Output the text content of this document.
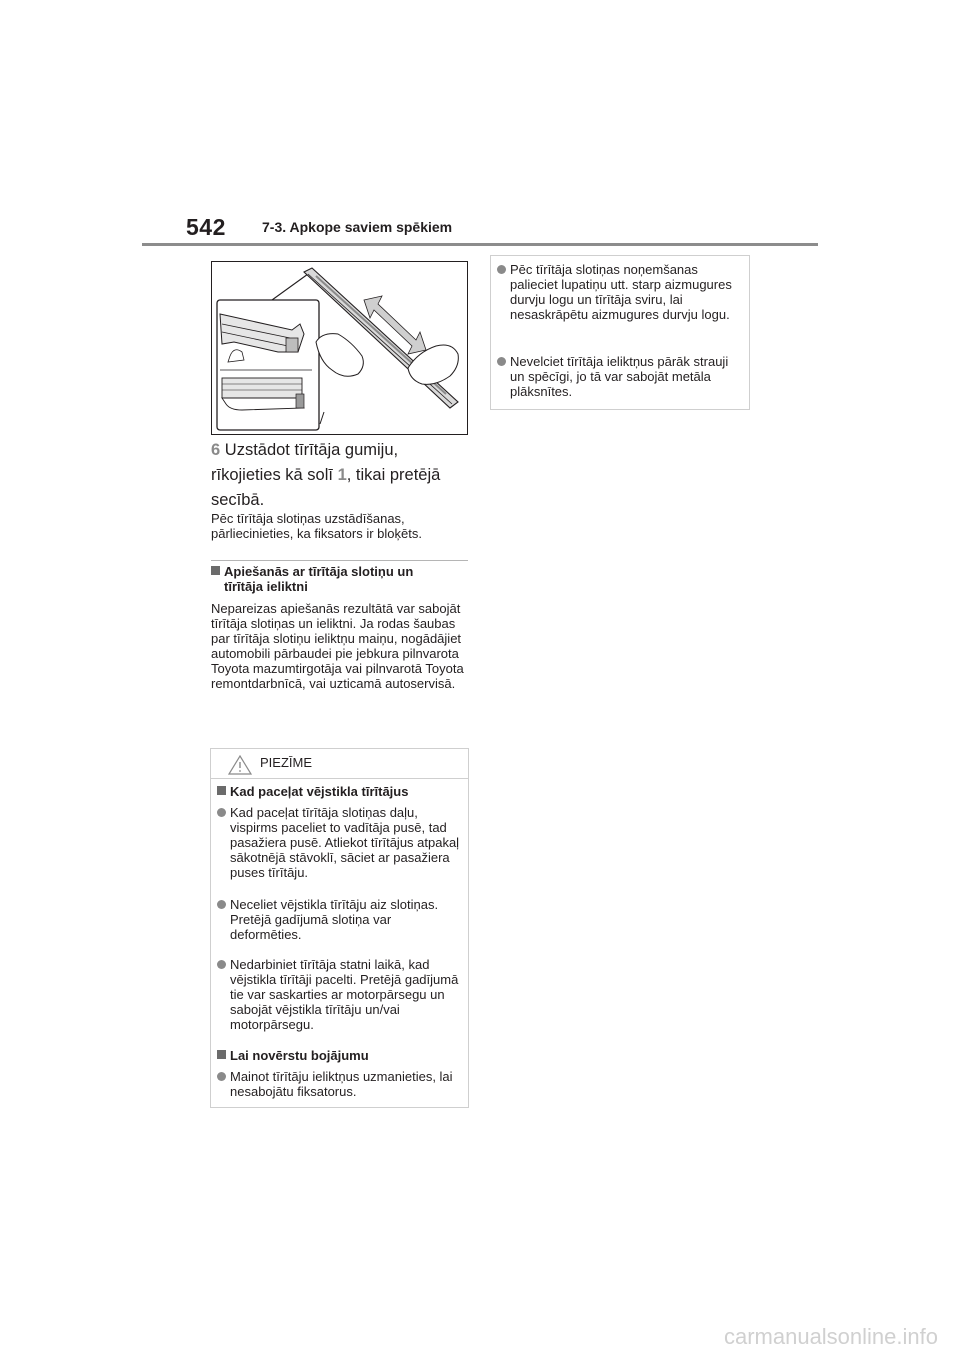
542	7-3. Apkope saviem spēkiem
6 Uzstādot tīrītāja gumiju,
rīkojieties kā solī 1, tikai pretējā
secībā.
Pēc tīrītāja slotiņas uzstādīšanas, pārliecinieties, ka fiksators ir bloķēts.
Apiešanās ar tīrītāja slotiņu un
tīrītāja ieliktni
Nepareizas apiešanās rezultātā var sabojāt tīrītāja slotiņas un ieliktni. Ja rodas šaubas par tīrītāja slotiņu ieliktņu maiņu, nogādājiet automobili pārbaudei pie jebkura pilnvarota Toyota mazumtirgotāja vai pilnvarotā Toyota remontdarbnīcā, vai uzticamā autoservisā.
PIEZĪME
Kad paceļat vējstikla tīrītājus
Kad paceļat tīrītāja slotiņas daļu, vispirms paceliet to vadītāja pusē, tad pasažiera pusē. Atliekot tīrītājus atpakaļ sākotnējā stāvoklī, sāciet ar pasažiera puses tīrītāju.
Neceliet vējstikla tīrītāju aiz slotiņas. Pretējā gadījumā slotiņa var deformēties.
Nedarbiniet tīrītāja statni laikā, kad vējstikla tīrītāji pacelti. Pretējā gadījumā tie var saskarties ar motorpārsegu un sabojāt vējstikla tīrītāju un/vai motorpārsegu.
Lai novērstu bojājumu
Mainot tīrītāju ieliktņus uzmanieties, lai nesabojātu fiksatorus.
Pēc tīrītāja slotiņas noņemšanas palieciet lupatiņu utt. starp aizmugures durvju logu un tīrītāja sviru, lai nesaskrāpētu aizmugures durvju logu.
Nevelciet tīrītāja ieliktņus pārāk strauji un spēcīgi, jo tā var sabojāt metāla plāksnītes.
carmanualsonline.info
